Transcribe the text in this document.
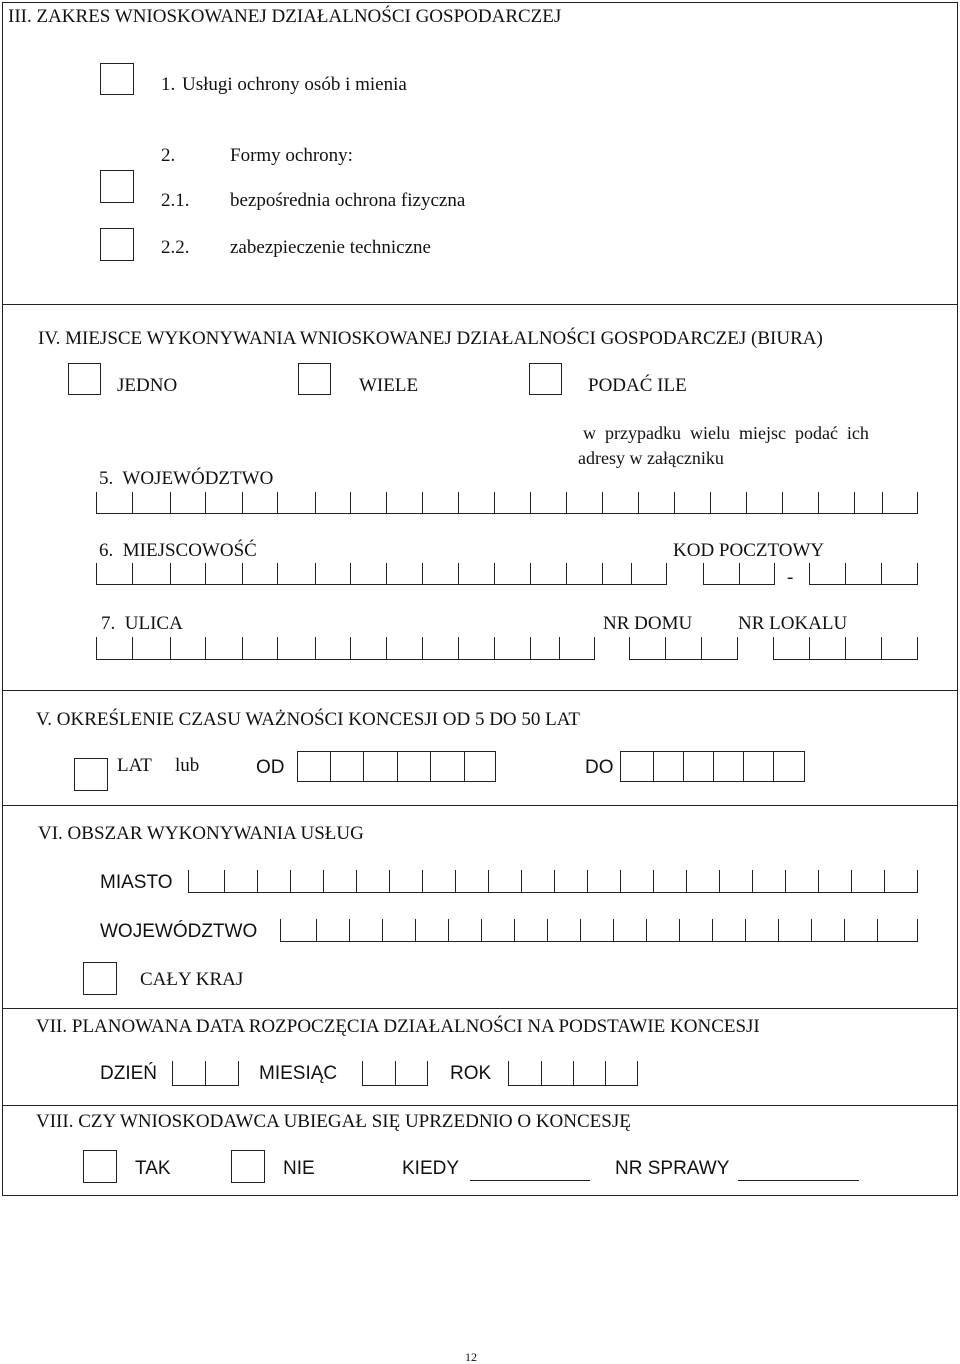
III. ZAKRES WNIOSKOWANEJ DZIAŁALNOŚCI GOSPODARCZEJ
1. Usługi ochrony osób i mienia
2.	Formy ochrony:
2.1. bezpośrednia ochrona fizyczna
2.2. zabezpieczenie techniczne
IV. MIEJSCE WYKONYWANIA WNIOSKOWANEJ DZIAŁALNOŚCI GOSPODARCZEJ (BIURA)
JEDNO	WIELE	PODAĆ ILE
w  przypadku  wielu  miejsc  podać  ich
adresy w załączniku
5.  WOJEWÓDZTWO
6.  MIEJSCOWOŚĆ	KOD POCZTOWY
-
7.  ULICA	NR DOMU NR LOKALU
V. OKREŚLENIE CZASU WAŻNOŚCI KONCESJI OD 5 DO 50 LAT
LAT lub	OD	DO
VI. OBSZAR WYKONYWANIA USŁUG
MIASTO
WOJEWÓDZTWO
CAŁY KRAJ
VII. PLANOWANA DATA ROZPOCZĘCIA DZIAŁALNOŚCI NA PODSTAWIE KONCESJI
DZIEŃ	MIESIĄC	ROK
VIII. CZY WNIOSKODAWCA UBIEGAŁ SIĘ UPRZEDNIO O KONCESJĘ
TAK	NIE	KIEDY	NR SPRAWY
12
